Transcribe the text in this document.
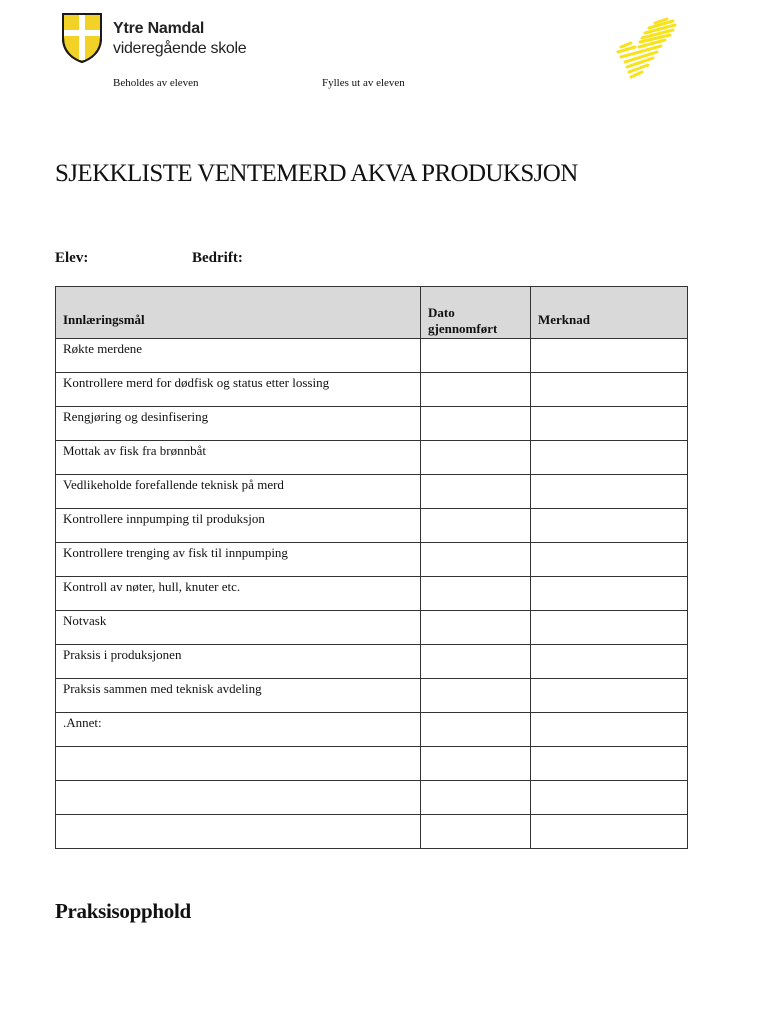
Ytre Namdal
videregående skole
Beholdes av eleven	Fylles ut av eleven
SJEKKLISTE VENTEMERD AKVA PRODUKSJON
Elev:	Bedrift:
Innlæringsmål	Dato gjennomført	Merknad
Røkte merdene		
Kontrollere merd for dødfisk og status etter lossing		
Rengjøring og desinfisering		
Mottak av fisk fra brønnbåt		
Vedlikeholde forefallende teknisk på merd		
Kontrollere innpumping til produksjon		
Kontrollere trenging av fisk til innpumping		
Kontroll av nøter, hull, knuter etc.		
Notvask		
Praksis i produksjonen		
Praksis sammen med teknisk avdeling		
.Annet:		

Praksisopphold
